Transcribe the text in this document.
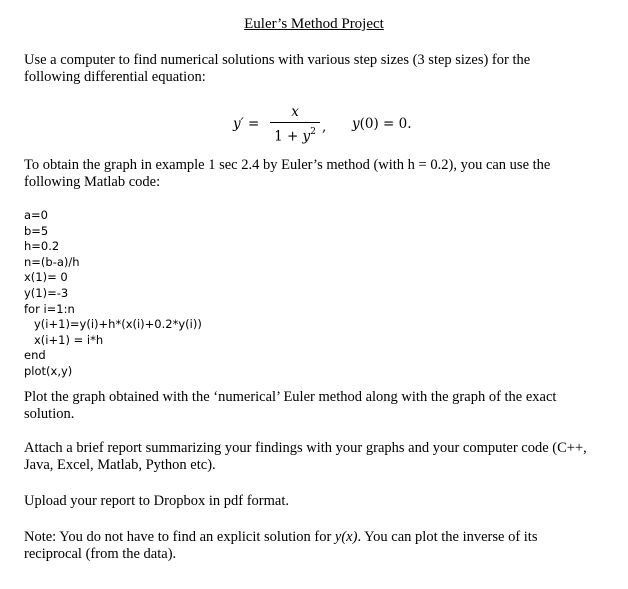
Euler’s Method Project
Use a computer to find numerical solutions with various step sizes (3 step sizes) for the
following differential equation:
y′ =
x
$1 + y^2$ , y(0) = 0.
To obtain the graph in example 1 sec 2.4 by Euler’s method (with h = 0.2), you can use the
following Matlab code:
a=0
b=5
h=0.2
n=(b-a)/h
x(1)= 0
y(1)=-3
for i=1:n
y(i+1)=y(i)+h*(x(i)+0.2*y(i))
x(i+1) = i*h
end
plot(x,y)
Plot the graph obtained with the ‘numerical’ Euler method along with the graph of the exact
solution.
Attach a brief report summarizing your findings with your graphs and your computer code (C++,
Java, Excel, Matlab, Python etc).
Upload your report to Dropbox in pdf format.
Note: You do not have to find an explicit solution for y(x). You can plot the inverse of its
reciprocal (from the data).
